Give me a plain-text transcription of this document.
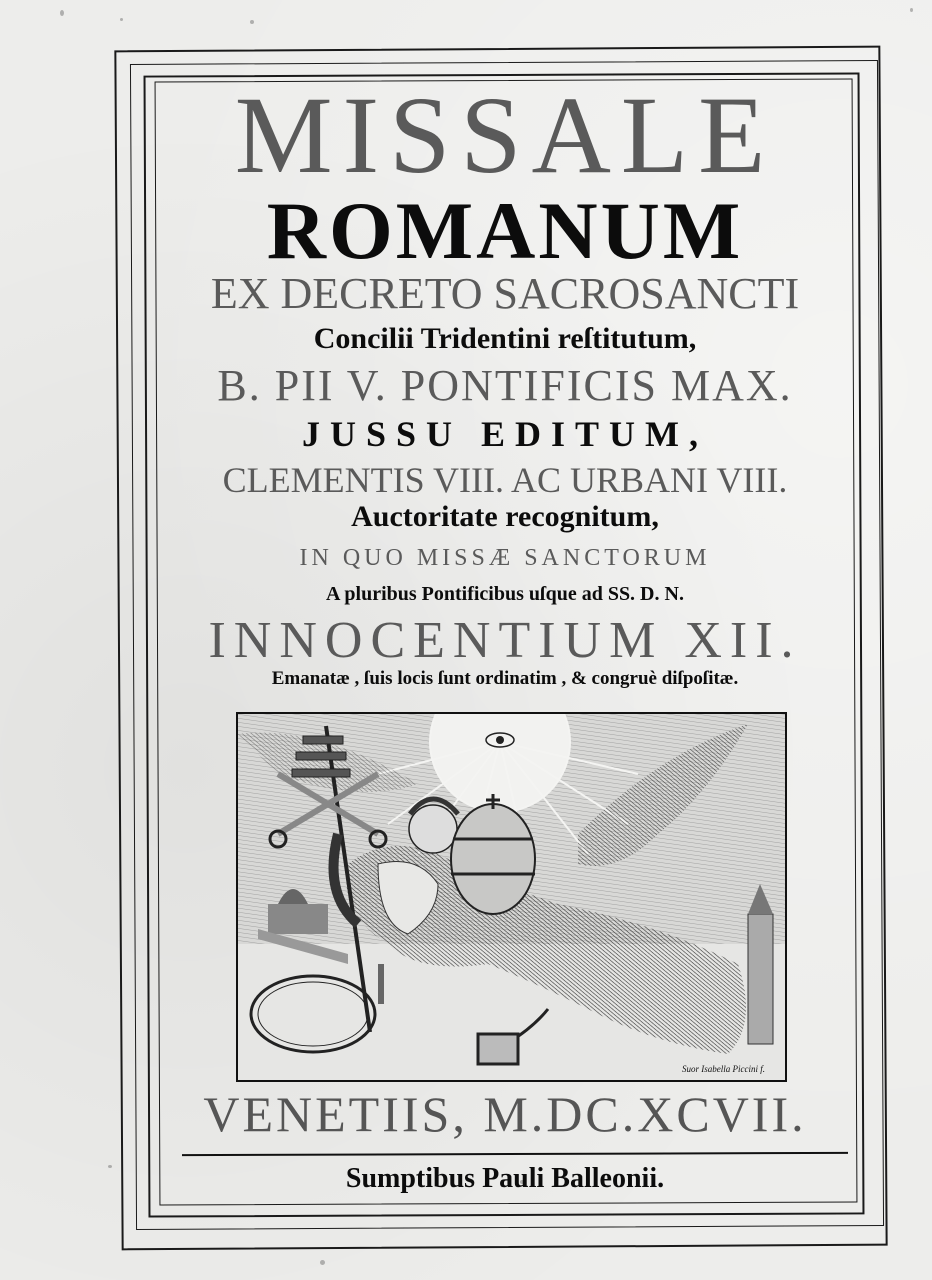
MISSALE
ROMANUM
EX DECRETO SACROSANCTI
Concilii Tridentini reſtitutum,
B. PII V. PONTIFICIS MAX.
JUSSU EDITUM,
CLEMENTIS VIII. AC URBANI VIII.
Auctoritate recognitum,
IN QUO MISSÆ SANCTORUM
A pluribus Pontificibus uſque ad SS. D. N.
INNOCENTIUM XII.
Emanatæ , ſuis locis ſunt ordinatim , & congruè diſpoſitæ.
Suor Isabella Piccini f.
VENETIIS, M.DC.XCVII.
Sumptibus Pauli Balleonii.
